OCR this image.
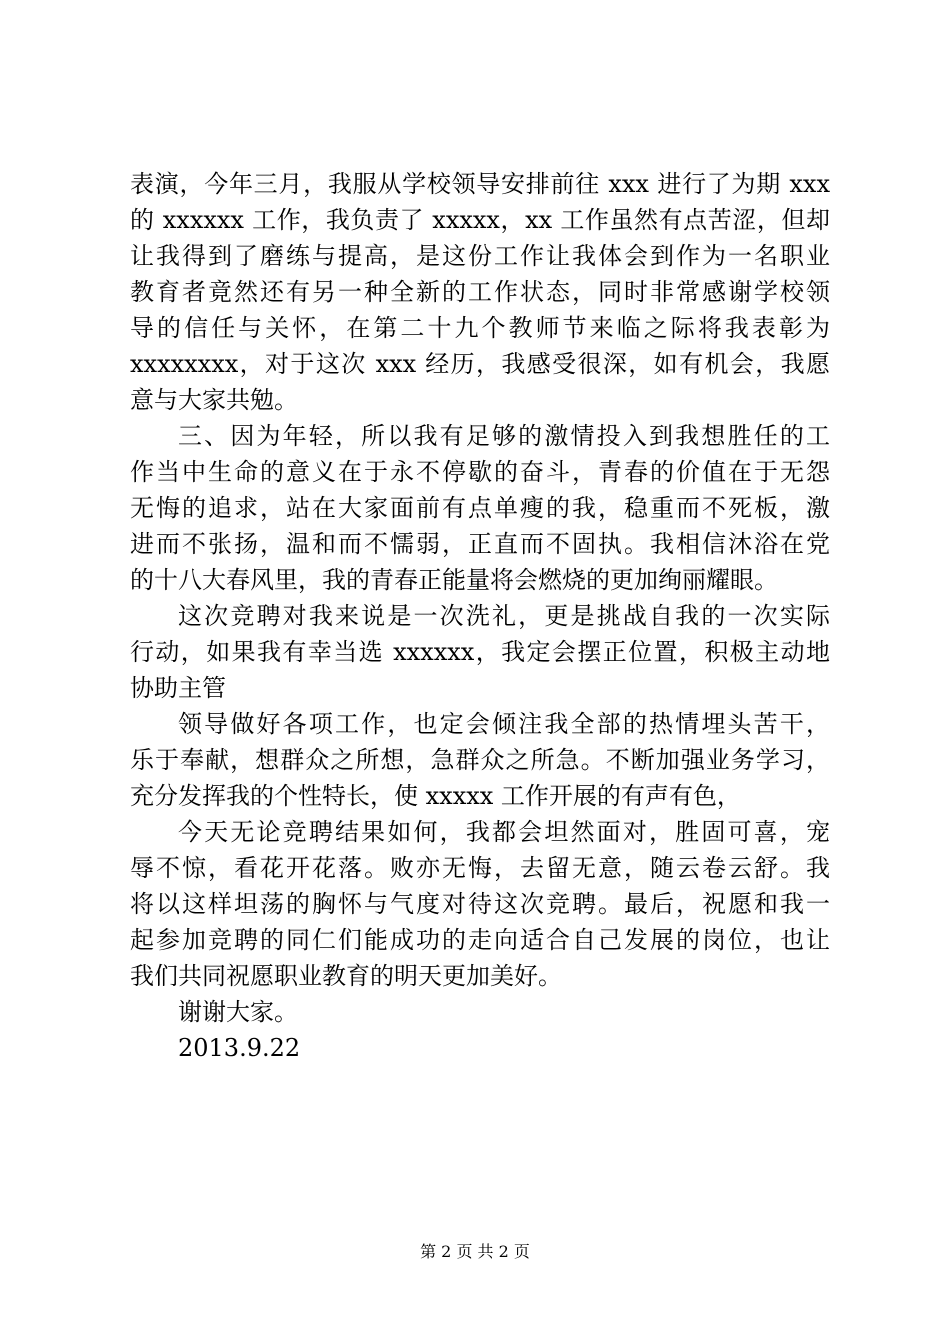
表演，今年三月，我服从学校领导安排前往 xxx 进行了为期 xxx
的 xxxxxx 工作，我负责了 xxxxx，xx 工作虽然有点苦涩，但却
让我得到了磨练与提高，是这份工作让我体会到作为一名职业
教育者竟然还有另一种全新的工作状态，同时非常感谢学校领
导的信任与关怀，在第二十九个教师节来临之际将我表彰为
xxxxxxxx，对于这次 xxx 经历，我感受很深，如有机会，我愿
意与大家共勉。
三、因为年轻，所以我有足够的激情投入到我想胜任的工
作当中生命的意义在于永不停歇的奋斗，青春的价值在于无怨
无悔的追求，站在大家面前有点单瘦的我，稳重而不死板，激
进而不张扬，温和而不懦弱，正直而不固执。我相信沐浴在党
的十八大春风里，我的青春正能量将会燃烧的更加绚丽耀眼。
这次竞聘对我来说是一次洗礼，更是挑战自我的一次实际
行动，如果我有幸当选 xxxxxx，我定会摆正位置，积极主动地
协助主管
领导做好各项工作，也定会倾注我全部的热情埋头苦干，
乐于奉献，想群众之所想，急群众之所急。不断加强业务学习，
充分发挥我的个性特长，使 xxxxx 工作开展的有声有色，
今天无论竞聘结果如何，我都会坦然面对，胜固可喜，宠
辱不惊，看花开花落。败亦无悔，去留无意，随云卷云舒。我
将以这样坦荡的胸怀与气度对待这次竞聘。最后，祝愿和我一
起参加竞聘的同仁们能成功的走向适合自己发展的岗位，也让
我们共同祝愿职业教育的明天更加美好。
谢谢大家。
2013.9.22
第 2 页 共 2 页
